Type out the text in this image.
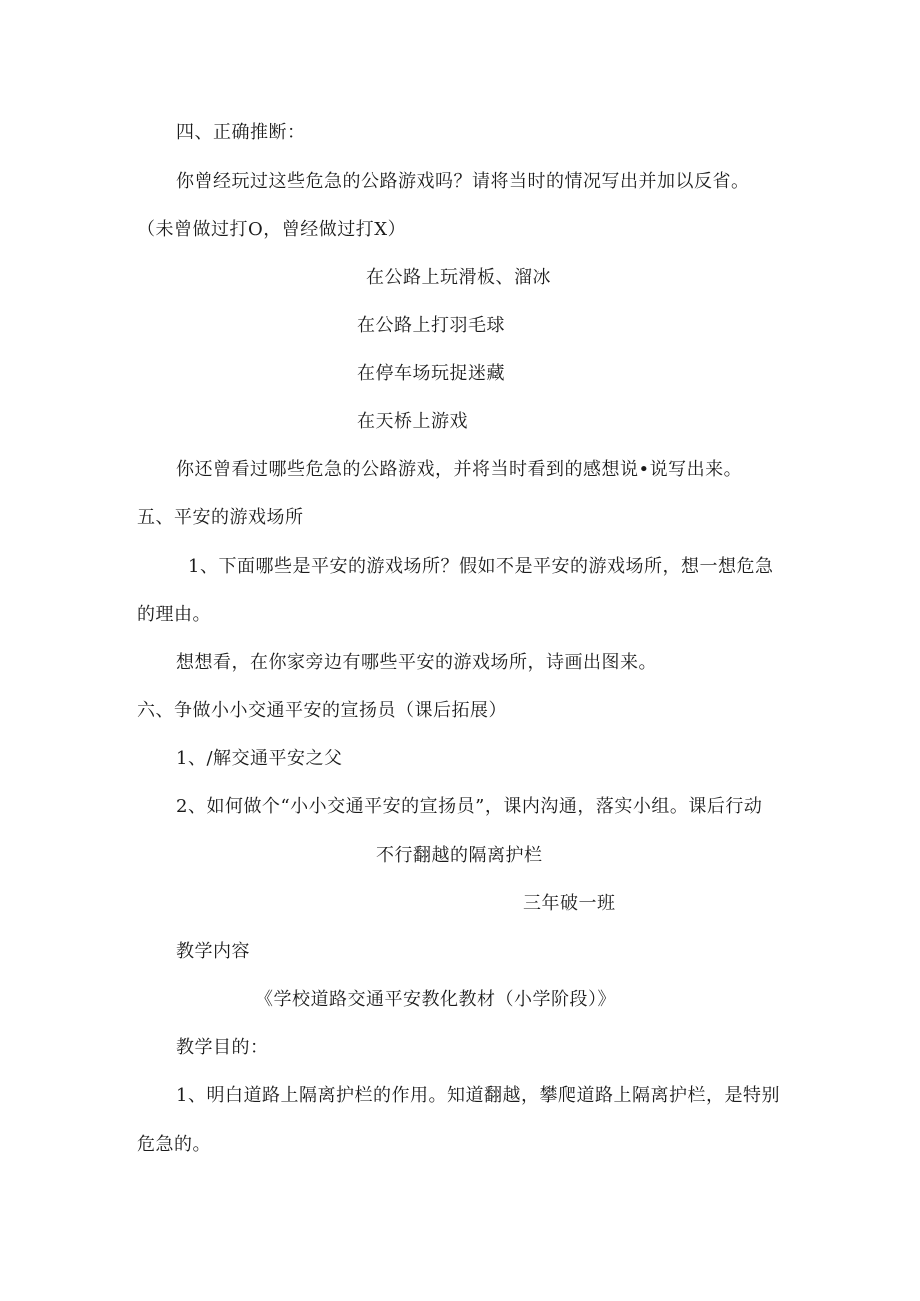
四、正确推断：
你曾经玩过这些危急的公路游戏吗？请将当时的情况写出并加以反省。
（未曾做过打O，曾经做过打X）
在公路上玩滑板、溜冰
在公路上打羽毛球
在停车场玩捉迷藏
在天桥上游戏
你还曾看过哪些危急的公路游戏，并将当时看到的感想说•说写出来。
五、平安的游戏场所
1、下面哪些是平安的游戏场所？假如不是平安的游戏场所，想一想危急
的理由。
想想看，在你家旁边有哪些平安的游戏场所，诗画出图来。
六、争做小小交通平安的宣扬员（课后拓展）
1、/解交通平安之父
2、如何做个“小小交通平安的宣扬员”，课内沟通，落实小组。课后行动
不行翻越的隔离护栏
三年破一班
教学内容
《学校道路交通平安教化教材（小学阶段）》
教学目的：
1、明白道路上隔离护栏的作用。知道翻越，攀爬道路上隔离护栏，是特别
危急的。
